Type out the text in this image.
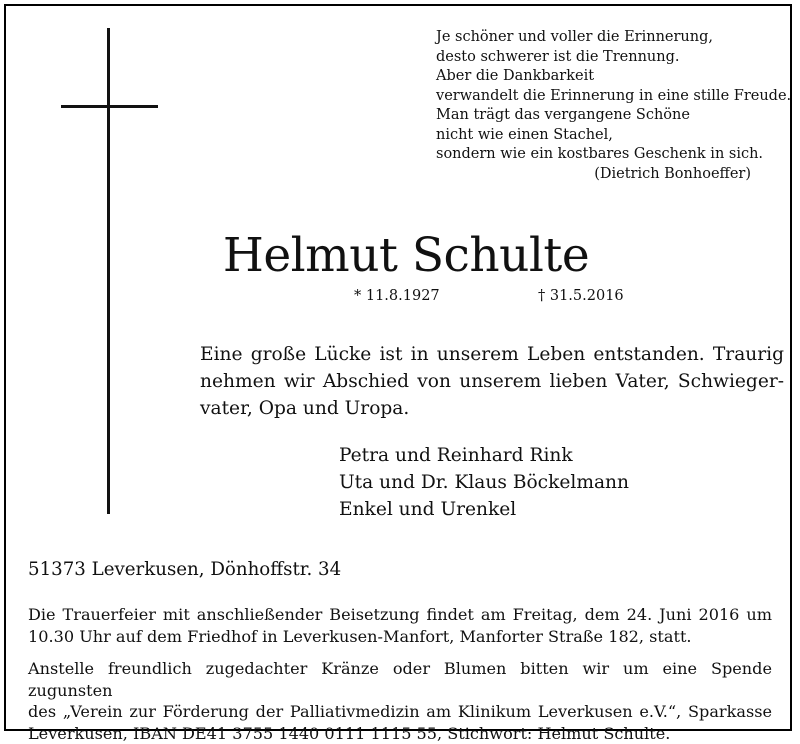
Je schöner und voller die Erinnerung,
desto schwerer ist die Trennung.
Aber die Dankbarkeit
verwandelt die Erinnerung in eine stille Freude.
Man trägt das vergangene Schöne
nicht wie einen Stachel,
sondern wie ein kostbares Geschenk in sich.
(Dietrich Bonhoeffer)
Helmut Schulte
* 11.8.1927	† 31.5.2016
Eine große Lücke ist in unserem Leben entstanden. Traurig nehmen wir Abschied von unserem lieben Vater, Schwieger-vater, Opa und Uropa.
Petra und Reinhard Rink
Uta und Dr. Klaus Böckelmann
Enkel und Urenkel
51373 Leverkusen, Dönhoffstr. 34
Die Trauerfeier mit anschließender Beisetzung findet am Freitag, dem 24. Juni 2016 um
10.30 Uhr auf dem Friedhof in Leverkusen-Manfort, Manforter Straße 182, statt.
Anstelle freundlich zugedachter Kränze oder Blumen bitten wir um eine Spende zugunsten
des „Verein zur Förderung der Palliativmedizin am Klinikum Leverkusen e.V.“, Sparkasse
Leverkusen, IBAN DE41 3755 1440 0111 1115 55, Stichwort: Helmut Schulte.
